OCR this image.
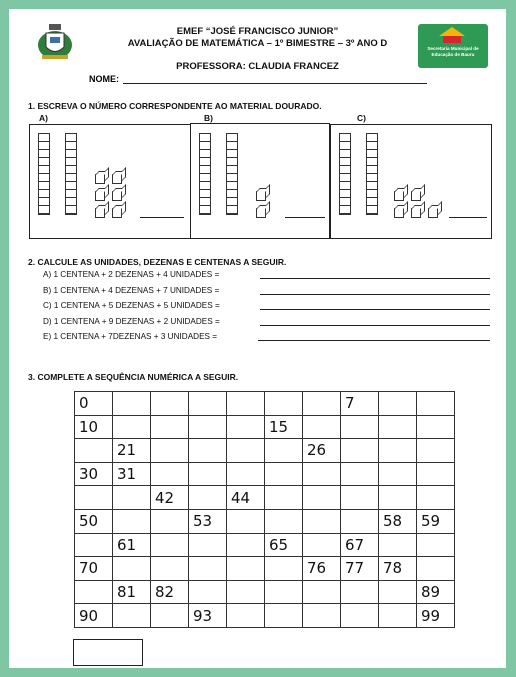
Secretaria Municipal de Educação de Bauru
EMEF “JOSÉ FRANCISCO JUNIOR”
AVALIAÇÃO DE MATEMÁTICA – 1º BIMESTRE – 3º ANO D
PROFESSORA: CLAUDIA FRANCEZ
NOME:
1. ESCREVA O NÚMERO CORRESPONDENTE AO MATERIAL DOURADO.
A)	B)	C)
2. CALCULE AS UNIDADES, DEZENAS E CENTENAS A SEGUIR.
A) 1 CENTENA + 2 DEZENAS + 4 UNIDADES =
B) 1 CENTENA + 4 DEZENAS + 7 UNIDADES =
C) 1 CENTENA + 5 DEZENAS + 5 UNIDADES =
D) 1 CENTENA + 9 DEZENAS + 2 UNIDADES =
E) 1 CENTENA + 7DEZENAS + 3 UNIDADES =
3. COMPLETE A SEQUÊNCIA NUMÉRICA A SEGUIR.
0							7		
10					15				
	21					26			
30	31								
		42		44					
50			53					58	59
	61				65		67		
70						76	77	78	
	81	82							89
90			93						99
